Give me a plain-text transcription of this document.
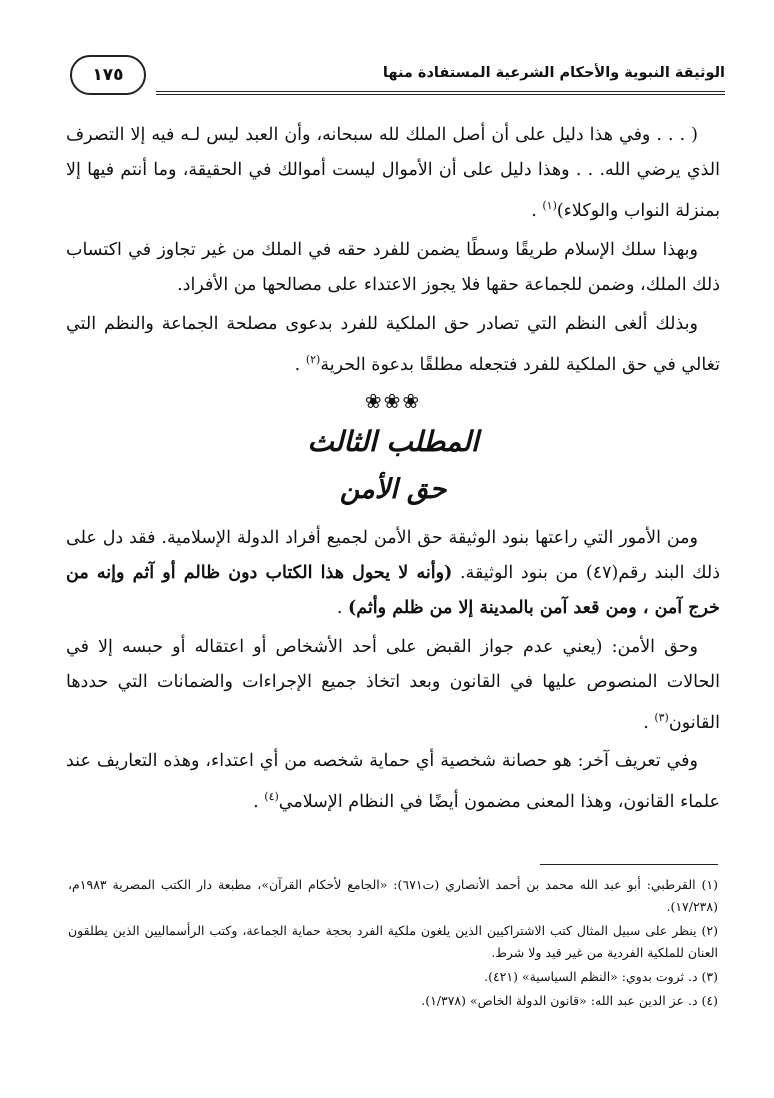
الوثيقة النبوية والأحكام الشرعية المستفادة منها
١٧٥

( . . . وفي هذا دليل على أن أصل الملك لله سبحانه، وأن العبد ليس لـه فيه إلا التصرف الذي يرضي الله. . . وهذا دليل على أن الأموال ليست أموالك في الحقيقة، وما أنتم فيها إلا بمنزلة النواب والوكلاء)$^{(١)}$ .

وبهذا سلك الإسلام طريقًا وسطًا يضمن للفرد حقه في الملك من غير تجاوز في اكتساب ذلك الملك، وضمن للجماعة حقها فلا يجوز الاعتداء على مصالحها من الأفراد.

وبذلك ألغى النظم التي تصادر حق الملكية للفرد بدعوى مصلحة الجماعة والنظم التي تغالي في حق الملكية للفرد فتجعله مطلقًا بدعوة الحرية$^{(٢)}$ .

❀❀❀
المطلب الثالث
حق الأمن

ومن الأمور التي راعتها بنود الوثيقة حق الأمن لجميع أفراد الدولة الإسلامية. فقد دل على ذلك البند رقم(٤٧) من بنود الوثيقة. (وأنه لا يحول هذا الكتاب دون ظالم أو آثم وإنه من خرج آمن ، ومن قعد آمن بالمدينة إلا من ظلم وأثم) .

وحق الأمن: (يعني عدم جواز القبض على أحد الأشخاص أو اعتقاله أو حبسه إلا في الحالات المنصوص عليها في القانون وبعد اتخاذ جميع الإجراءات والضمانات التي حددها القانون$^{(٣)}$ .

وفي تعريف آخر: هو حصانة شخصية أي حماية شخصه من أي اعتداء، وهذه التعاريف عند علماء القانون، وهذا المعنى مضمون أيضًا في النظام الإسلامي$^{(٤)}$ .

(١) القرطبي: أبو عبد الله محمد بن أحمد الأنصاري (ت٦٧١): «الجامع لأحكام القرآن»، مطبعة دار الكتب المصرية ١٩٨٣م، (١٧/٢٣٨).

(٢) ينظر على سبيل المثال كتب الاشتراكيين الذين يلغون ملكية الفرد بحجة حماية الجماعة، وكتب الرأسماليين الذين يطلقون العنان للملكية الفردية من غير قيد ولا شرط.

(٣) د. ثروت بدوي: «النظم السياسية» (٤٢١).

(٤) د. عز الدين عبد الله: «قانون الدولة الخاص» (١/٣٧٨).
